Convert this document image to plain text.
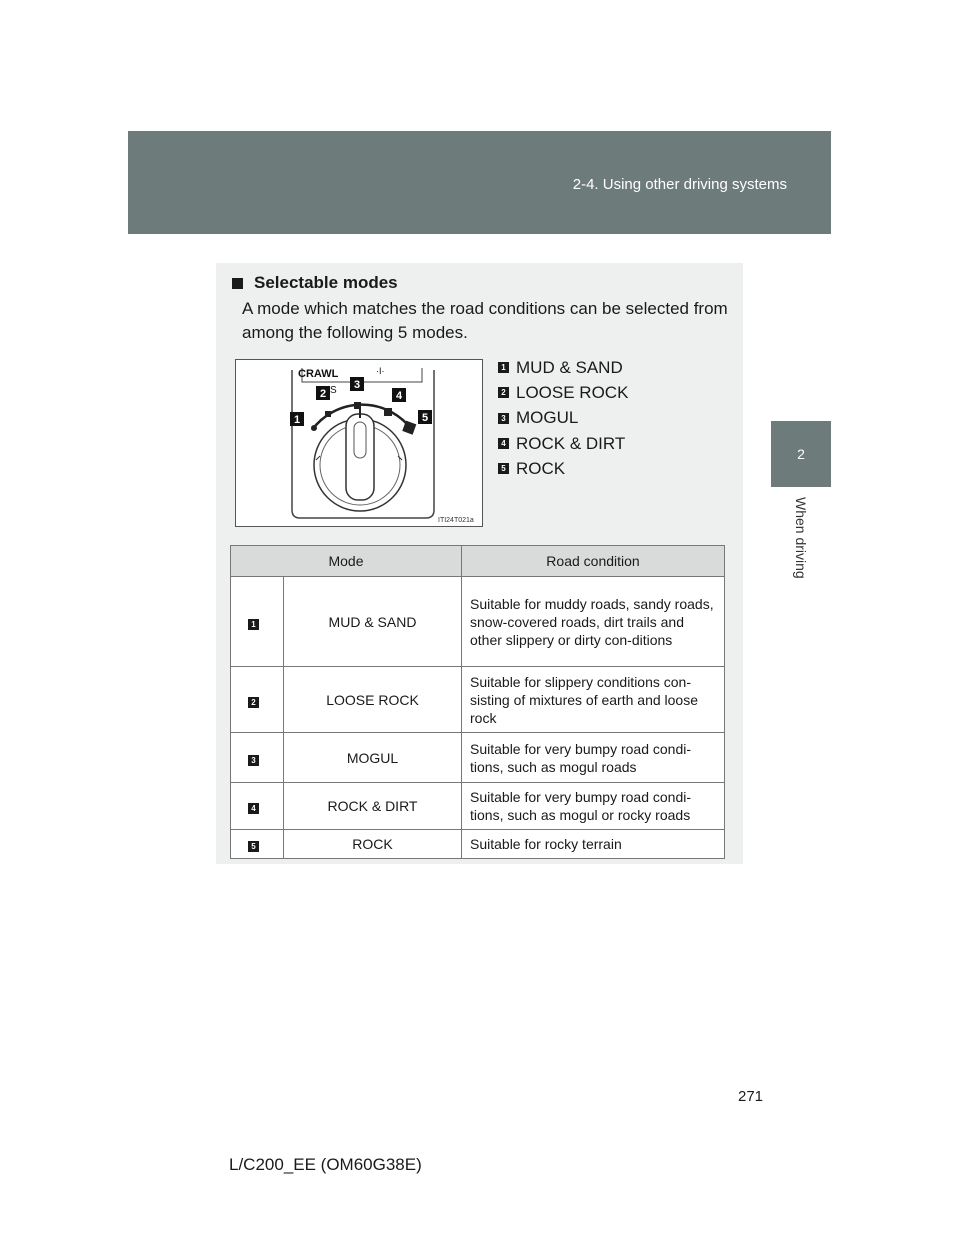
2-4. Using other driving systems
2
When driving
Selectable modes
A mode which matches the road conditions can be selected from among the following 5 modes.
CRAWL
S
·I·
1
2
3
4
5
ITI24T021a
1 MUD & SAND
2 LOOSE ROCK
3 MOGUL
4 ROCK & DIRT
5 ROCK
Mode		Road condition
1	MUD & SAND	Suitable for muddy roads, sandy roads, snow-covered roads, dirt trails and other slippery or dirty con-ditions
2	LOOSE ROCK	Suitable for slippery conditions con-sisting of mixtures of earth and loose rock
3	MOGUL	Suitable for very bumpy road condi-tions, such as mogul roads
4	ROCK & DIRT	Suitable for very bumpy road condi-tions, such as mogul or rocky roads
5	ROCK	Suitable for rocky terrain
271
L/C200_EE (OM60G38E)
